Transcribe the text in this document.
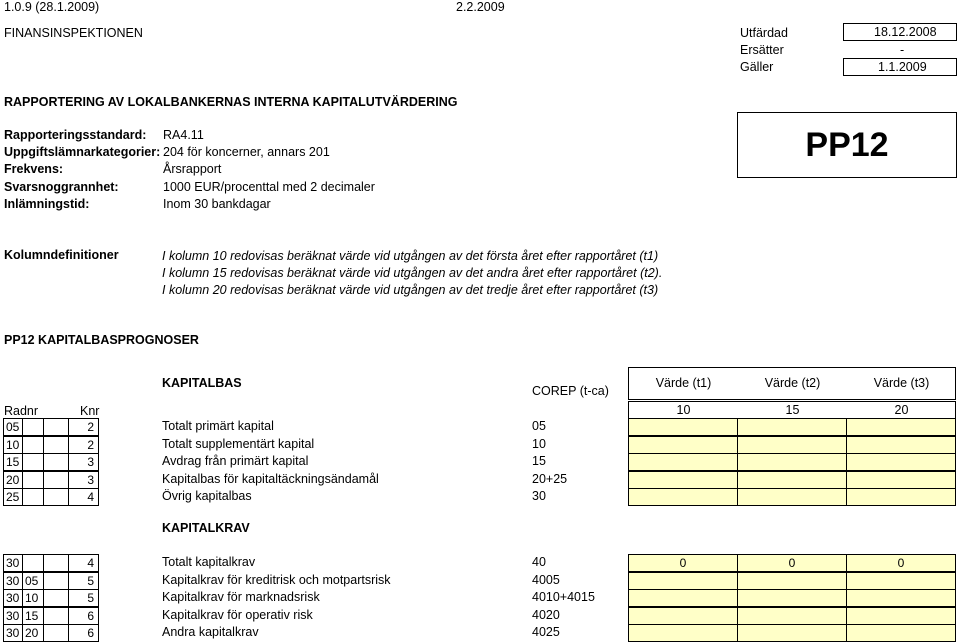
1.0.9 (28.1.2009)	2.2.2009
FINANSINSPEKTIONEN	Utfärdad	18.12.2008
Ersätter	-
Gäller	1.1.2009
RAPPORTERING AV LOKALBANKERNAS INTERNA KAPITALUTVÄRDERING
Rapporteringsstandard: RA4.11
Uppgiftslämnarkategorier: 204 för koncerner, annars 201
Frekvens:	Årsrapport
Svarsnoggrannhet:	1000 EUR/procenttal med 2 decimaler
Inlämningstid:	Inom 30 bankdagar
PP12
Kolumndefinitioner	I kolumn 10 redovisas beräknat värde vid utgången av det första året efter rapportåret (t1)
I kolumn 15 redovisas beräknat värde vid utgången av det andra året efter rapportåret (t2).
I kolumn 20 redovisas beräknat värde vid utgången av det tredje året efter rapportåret (t3)
PP12 KAPITALBASPROGNOSER
KAPITALBAS
COREP (t-ca)
Värde (t1)	Värde (t2)	Värde (t3)
Radnr	Knr	10	15	20
05	2	Totalt primärt kapital	05
10	2	Totalt supplementärt kapital	10
15	3	Avdrag från primärt kapital	15
20	3	Kapitalbas för kapitaltäckningsändamål	20+25
25	4	Övrig kapitalbas	30
KAPITALKRAV
30	4	Totalt kapitalkrav	40	0	0	0
30 05	5	Kapitalkrav för kreditrisk och motpartsrisk	4005
30 10	5	Kapitalkrav för marknadsrisk	4010+4015
30 15	6	Kapitalkrav för operativ risk	4020
30 20	6	Andra kapitalkrav	4025
